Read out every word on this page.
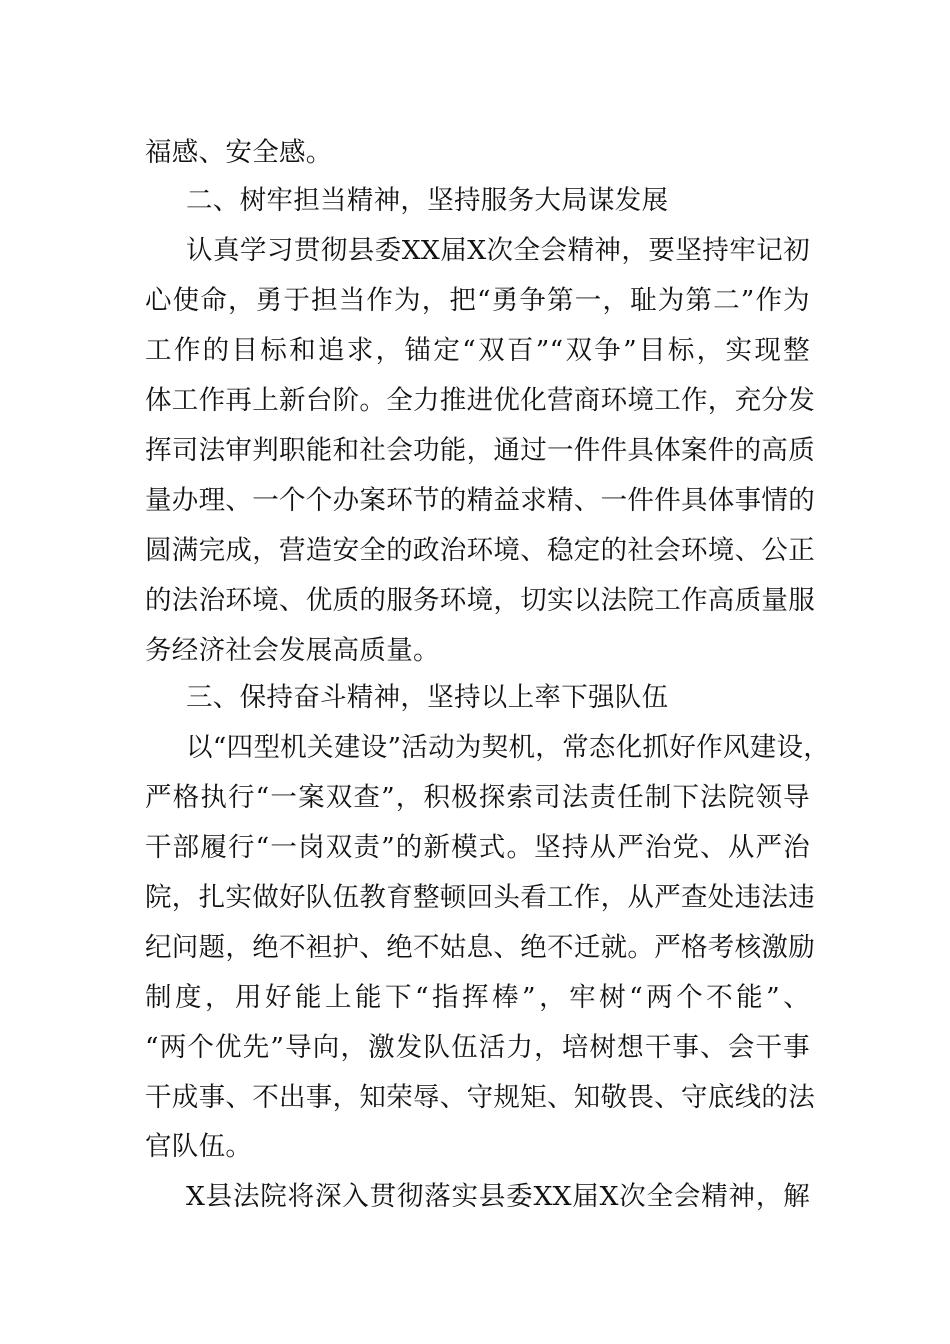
福感、安全感。
二、树牢担当精神，坚持服务大局谋发展
认真学习贯彻县委XX届X次全会精神，要坚持牢记初
心使命，勇于担当作为，把“勇争第一，耻为第二”作为
工作的目标和追求，锚定“双百”“双争”目标，实现整
体工作再上新台阶。全力推进优化营商环境工作，充分发
挥司法审判职能和社会功能，通过一件件具体案件的高质
量办理、一个个办案环节的精益求精、一件件具体事情的
圆满完成，营造安全的政治环境、稳定的社会环境、公正
的法治环境、优质的服务环境，切实以法院工作高质量服
务经济社会发展高质量。
三、保持奋斗精神，坚持以上率下强队伍
以“四型机关建设”活动为契机，常态化抓好作风建设，
严格执行“一案双查”，积极探索司法责任制下法院领导
干部履行“一岗双责”的新模式。坚持从严治党、从严治
院，扎实做好队伍教育整顿回头看工作，从严查处违法违
纪问题，绝不袒护、绝不姑息、绝不迁就。严格考核激励
制度，用好能上能下“指挥棒”，牢树“两个不能”、
“两个优先”导向，激发队伍活力，培树想干事、会干事
干成事、不出事，知荣辱、守规矩、知敬畏、守底线的法
官队伍。
X县法院将深入贯彻落实县委XX届X次全会精神，解
